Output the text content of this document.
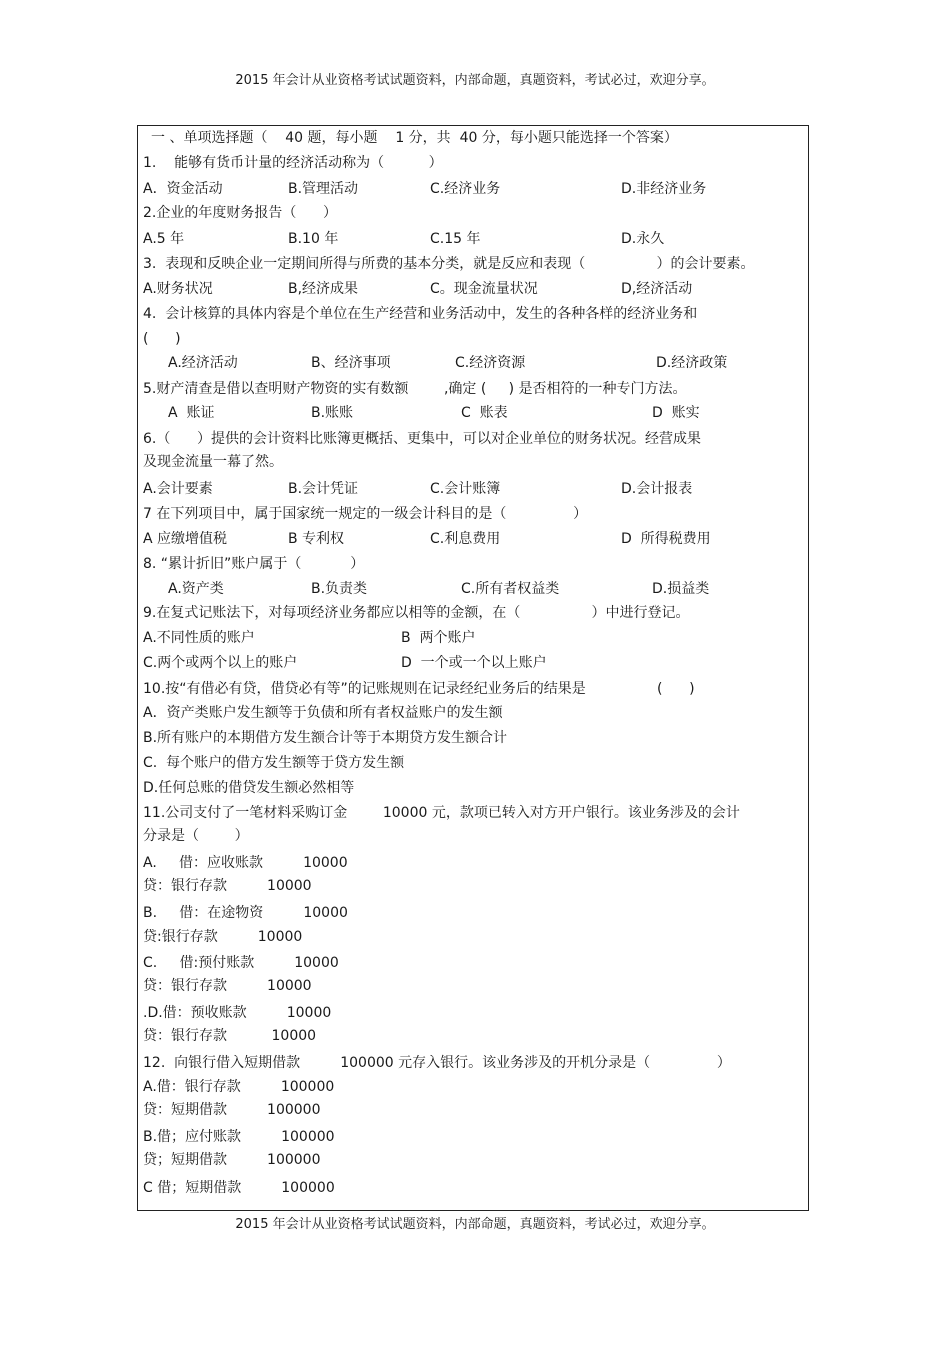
2015 年会计从业资格考试试题资料，内部命题，真题资料，考试必过，欢迎分享。

一 、单项选择题（    40 题，每小题    1 分，共  40 分，每小题只能选择一个答案）

1.    能够有货币计量的经济活动称为（          ）
A．资金活动	B.管理活动	C.经济业务	D.非经济业务
2.企业的年度财务报告（      ）
A.5 年	B.10 年	C.15 年	D.永久
3.  表现和反映企业一定期间所得与所费的基本分类，就是反应和表现（                ）的会计要素。
A.财务状况	B,经济成果	C。现金流量状况	D,经济活动
4.  会计核算的具体内容是个单位在生产经营和业务活动中，发生的各种各样的经济业务和
(      )
A.经济活动	B、经济事项	C.经济资源	D.经济政策
5.财产清查是借以查明财产物资的实有数额        ,确定 (     ) 是否相符的一种专门方法。
A  账证	B.账账	C  账表	D  账实
6.（      ）提供的会计资料比账簿更概括、更集中，可以对企业单位的财务状况。经营成果
及现金流量一幕了然。
A.会计要素	B.会计凭证	C.会计账簿	D.会计报表
7 在下列项目中，属于国家统一规定的一级会计科目的是（               ）
A 应缴增值税	B 专利权	C.利息费用	D  所得税费用
8. “累计折旧”账户属于（           ）
A.资产类	B.负责类	C.所有者权益类	D.损益类
9.在复式记账法下，对每项经济业务都应以相等的金额，在（                ）中进行登记。
A.不同性质的账户	B  两个账户
C.两个或两个以上的账户	D  一个或一个以上账户
10.按“有借必有贷，借贷必有等”的记账规则在记录经纪业务后的结果是                (      )
A．资产类账户发生额等于负债和所有者权益账户的发生额
B.所有账户的本期借方发生额合计等于本期贷方发生额合计
C.  每个账户的借方发生额等于贷方发生额
D.任何总账的借贷发生额必然相等
11.公司支付了一笔材料采购订金        10000 元，款项已转入对方开户银行。该业务涉及的会计
分录是（        ）
A.     借：应收账款         10000
贷：银行存款         10000
B.     借：在途物资         10000
贷:银行存款         10000
C.     借:预付账款         10000
贷：银行存款         10000
.D.借：预收账款         10000
贷：银行存款          10000
12.  向银行借入短期借款         100000 元存入银行。该业务涉及的开机分录是（               ）
A.借：银行存款         100000
贷：短期借款         100000
B.借；应付账款         100000
贷；短期借款         100000
C 借；短期借款         100000
2015 年会计从业资格考试试题资料，内部命题，真题资料，考试必过，欢迎分享。
